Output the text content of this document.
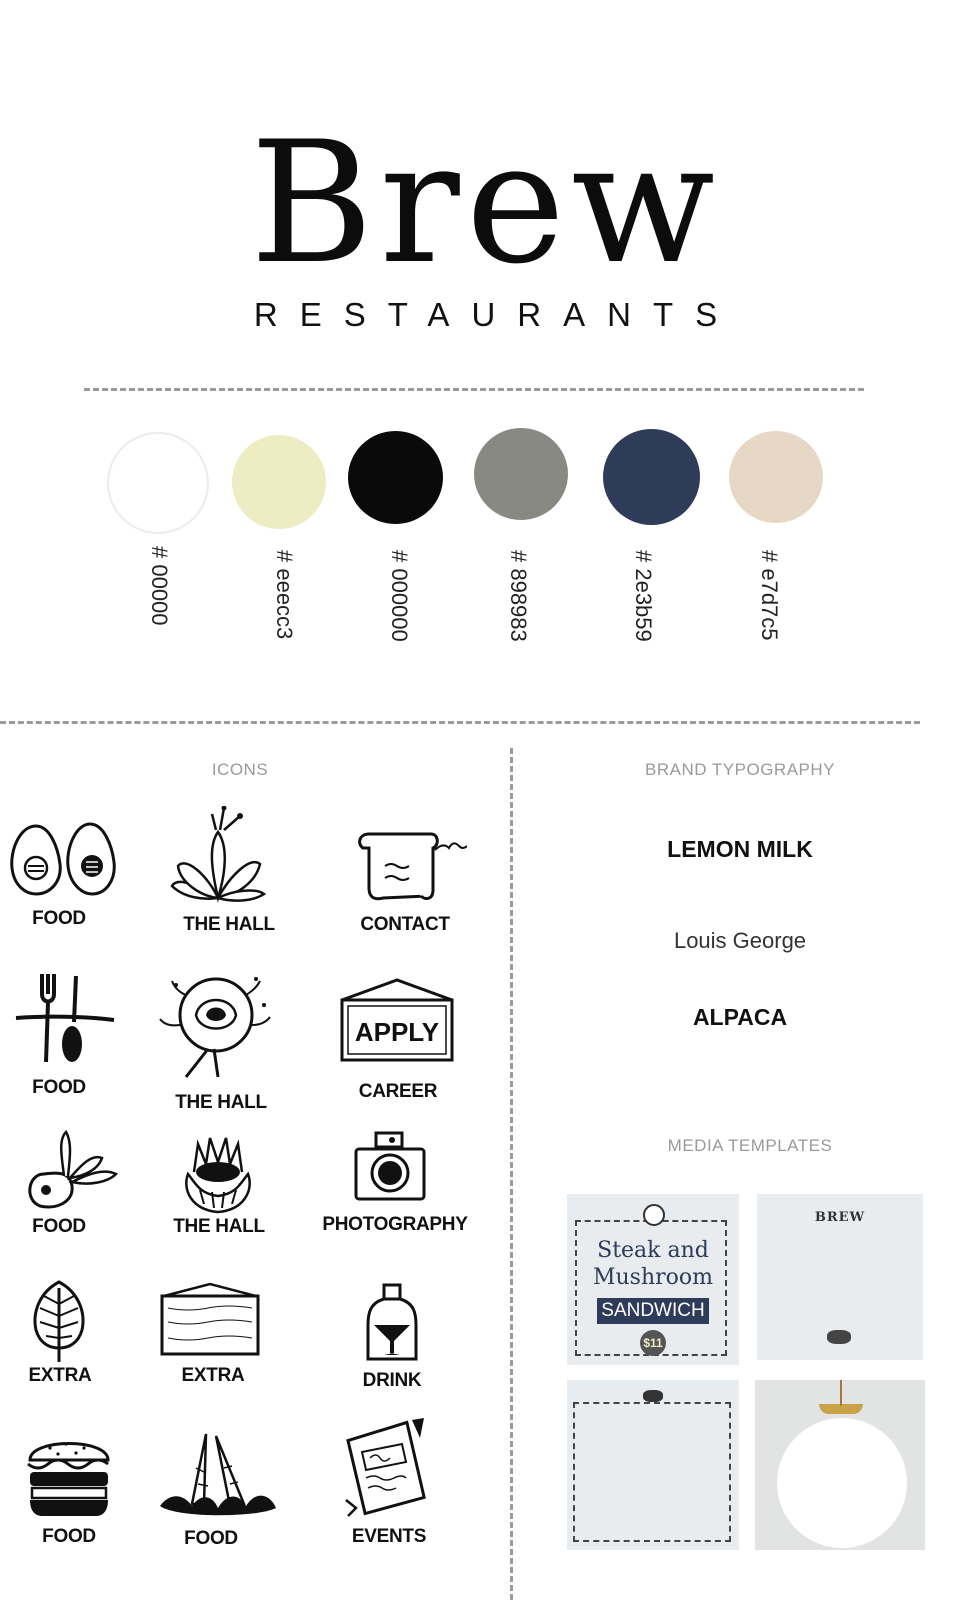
Brew
RESTAURANTS
# 00000	# eeecc3	# 000000	# 898983	# 2e3b59	# e7d7c5
ICONS
FOOD	THE HALL	CONTACT
FOOD
THE HALL
APPLY
CAREER
FOOD	THE HALL	PHOTOGRAPHY
EXTRA	EXTRA	DRINK
FOOD	FOOD	EVENTS
BRAND TYPOGRAPHY
LEMON MILK
Louis George
ALPACA
MEDIA TEMPLATES
Steak and
Mushroom
SANDWICH
$11
BREW
